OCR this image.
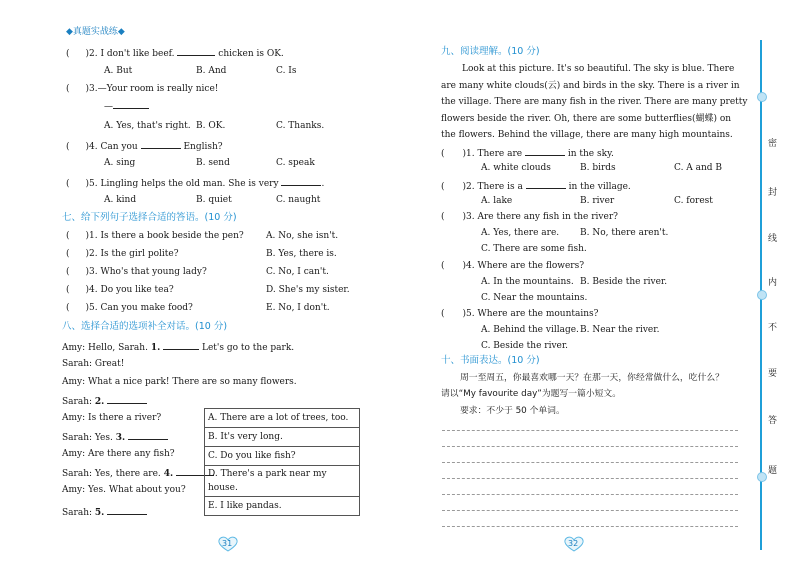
◆真题实战练◆
( )2. I don't like beef.	chicken is OK.
A. But	B. And	C. Is
( )3.—Your room is really nice!
—
A. Yes, that's right. B. OK.	C. Thanks.
( )4. Can you	English?
A. sing	B. send	C. speak
( )5. Lingling helps the old man. She is very	.
A. kind	B. quiet	C. naught
七、给下列句子选择合适的答语。(10 分)
( )1. Is there a book beside the pen? A. No, she isn't.
( )2. Is the girl polite?	B. Yes, there is.
( )3. Who's that young lady?	C. No, I can't.
( )4. Do you like tea?	D. She's my sister.
( )5. Can you make food?	E. No, I don't.
八、选择合适的选项补全对话。(10 分)
Amy: Hello, Sarah. 1.	Let's go to the park.
Sarah: Great!
Amy: What a nice park! There are so many flowers.
Sarah: 2.
Amy: Is there a river?
Sarah: Yes. 3.
Amy: Are there any fish?
Sarah: Yes, there are. 4.
Amy: Yes. What about you?
Sarah: 5.
A. There are a lot of trees, too.
B. It's very long.
C. Do you like fish?
D. There's a park near my house.
E. I like pandas.
31
九、阅读理解。(10 分)
Look at this picture. It's so beautiful. The sky is blue. There
are many white clouds(云) and birds in the sky. There is a river in
the village. There are many fish in the river. There are many pretty
flowers beside the river. Oh, there are some butterflies(蝴蝶) on
the flowers. Behind the village, there are many high mountains.
( )1. There are	in the sky.
A. white clouds	B. birds	C. A and B
( )2. There is a	in the village.
A. lake	B. river	C. forest
( )3. Are there any fish in the river?
A. Yes, there are. B. No, there aren't.
C. There are some fish.
( )4. Where are the flowers?
A. In the mountains. B. Beside the river.
C. Near the mountains.
( )5. Where are the mountains?
A. Behind the village. B. Near the river.
C. Beside the river.
十、书面表达。(10 分)
周一至周五，你最喜欢哪一天？在那一天，你经常做什么，吃什么？
请以“My favourite day”为题写一篇小短文。
要求：不少于 50 个单词。
32
密
封
线
内
不
要
答
题
